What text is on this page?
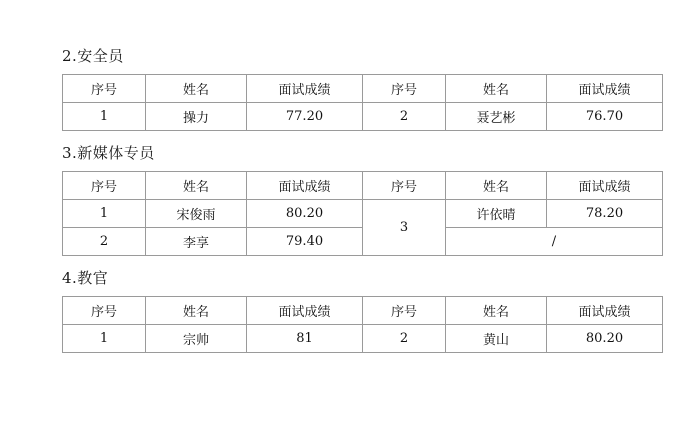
2.安全员
序号	姓名	面试成绩	序号	姓名	面试成绩
1	操力	77.20	2	聂艺彬	76.70
3.新媒体专员
序号	姓名	面试成绩	序号	姓名	面试成绩
1	宋俊雨	80.20	3	许依晴	78.20
2	李享	79.40		/	
4.教官
序号	姓名	面试成绩	序号	姓名	面试成绩
1	宗帅	81	2	黄山	80.20
